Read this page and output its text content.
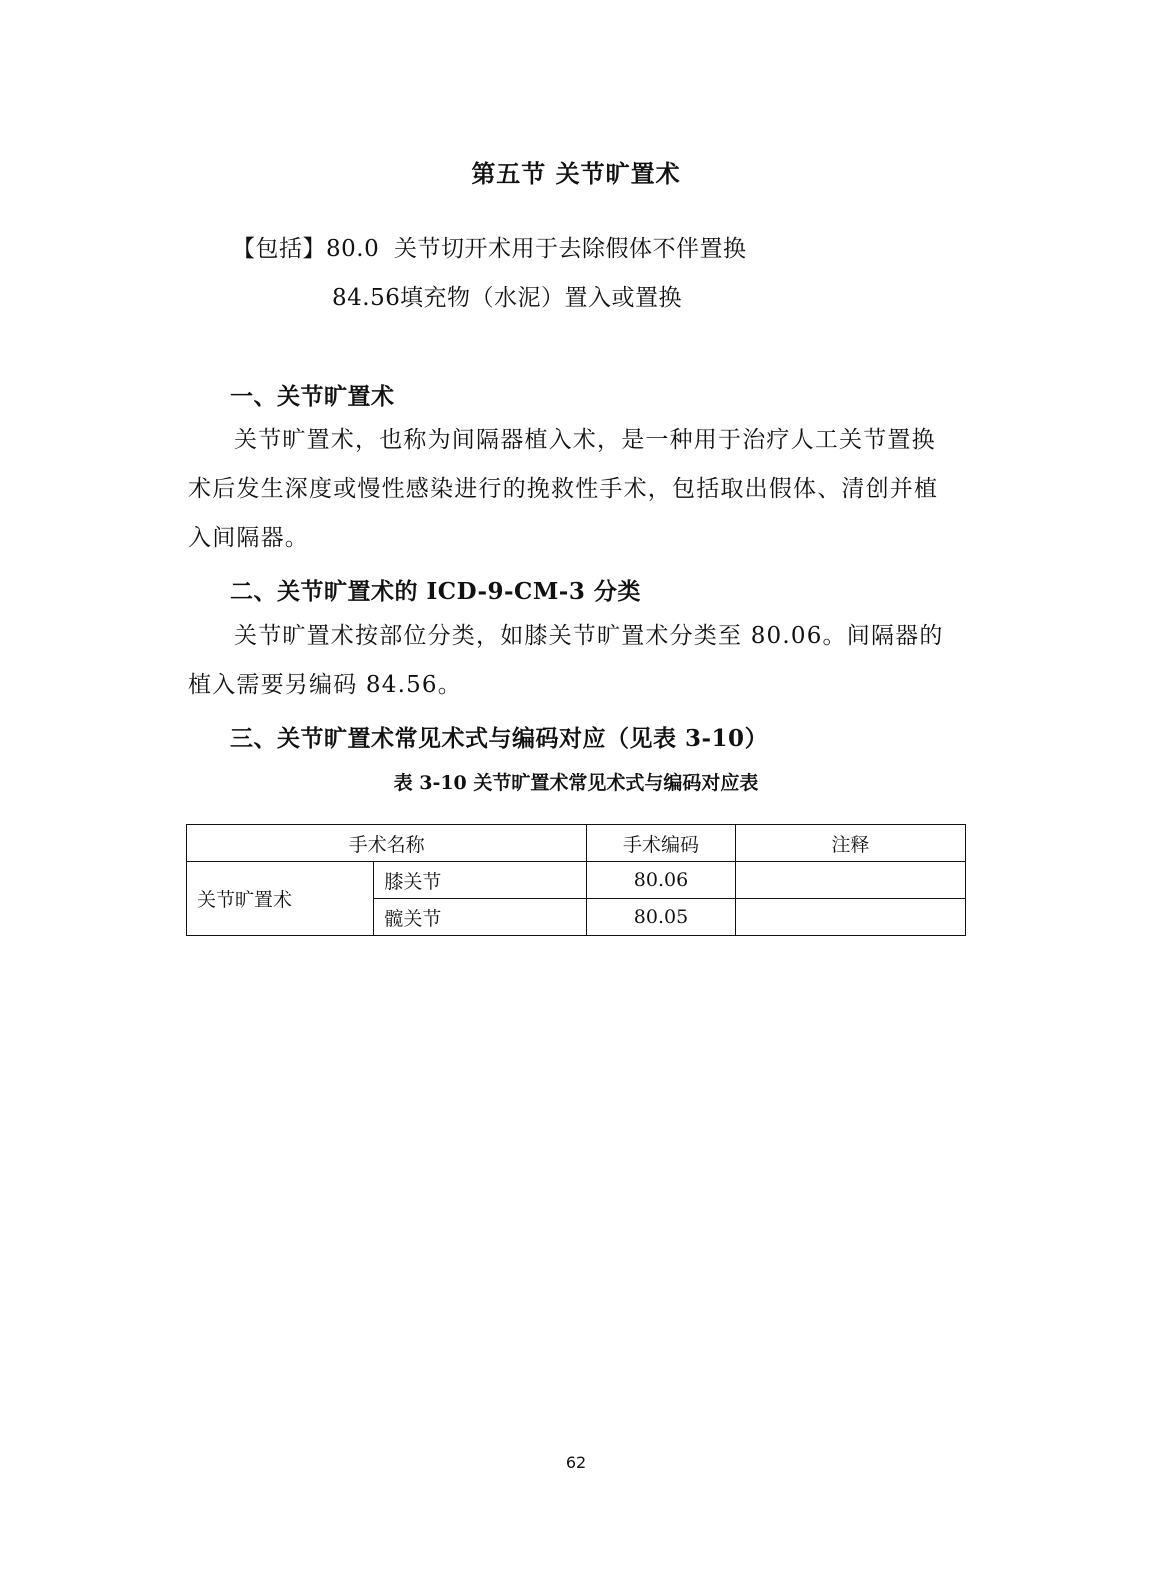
第五节 关节旷置术
【包括】80.0 关节切开术用于去除假体不伴置换
84.56填充物（水泥）置入或置换
一、关节旷置术
关节旷置术，也称为间隔器植入术，是一种用于治疗人工关节置换术后发生深度或慢性感染进行的挽救性手术，包括取出假体、清创并植入间隔器。
二、关节旷置术的 ICD-9-CM-3 分类
关节旷置术按部位分类，如膝关节旷置术分类至 80.06。间隔器的植入需要另编码 84.56。
三、关节旷置术常见术式与编码对应（见表 3-10）
表 3-10 关节旷置术常见术式与编码对应表
手术名称		手术编码	注释
关节旷置术	膝关节	80.06	
	髋关节	80.05	
62
